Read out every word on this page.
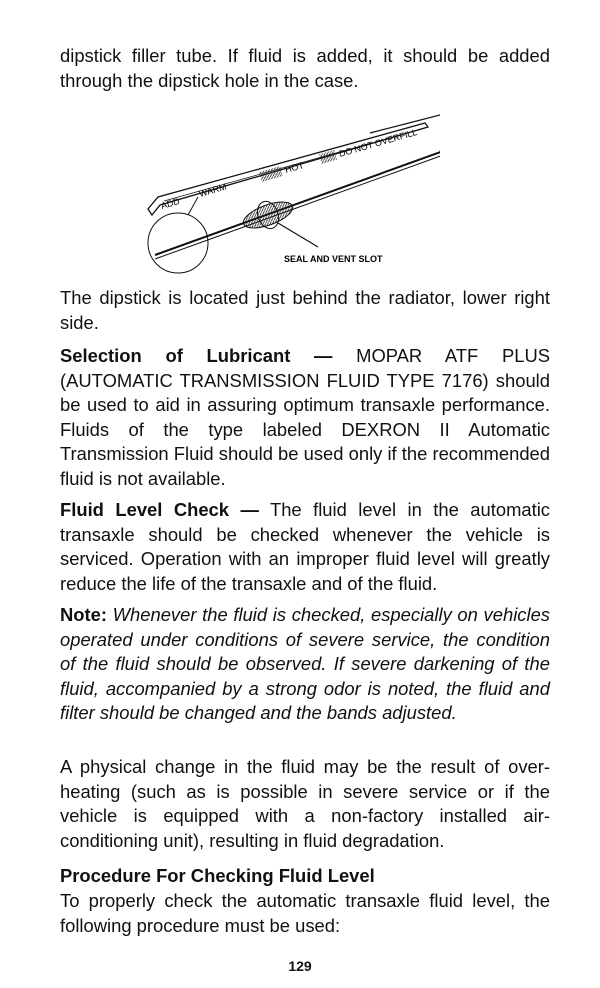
dipstick filler tube. If fluid is added, it should be added through the dipstick hole in the case.

ADD
WARM
HOT
DO NOT OVERFILL
SEAL AND VENT SLOT

The dipstick is located just behind the radiator, lower right side.

Selection of Lubricant — MOPAR ATF PLUS (AUTOMATIC TRANSMISSION FLUID TYPE 7176) should be used to aid in assuring optimum transaxle performance. Fluids of the type labeled DEXRON II Automatic Transmission Fluid should be used only if the recommended fluid is not available.

Fluid Level Check — The fluid level in the automatic transaxle should be checked whenever the vehicle is serviced. Operation with an improper fluid level will greatly reduce the life of the transaxle and of the fluid.

Note: Whenever the fluid is checked, especially on vehicles operated under conditions of severe service, the condition of the fluid should be observed. If severe darkening of the fluid, accompanied by a strong odor is noted, the fluid and filter should be changed and the bands adjusted.

A physical change in the fluid may be the result of over-heating (such as is possible in severe service or if the vehicle is equipped with a non-factory installed air-conditioning unit), resulting in fluid degradation.

Procedure For Checking Fluid Level

To properly check the automatic transaxle fluid level, the following procedure must be used:

129
